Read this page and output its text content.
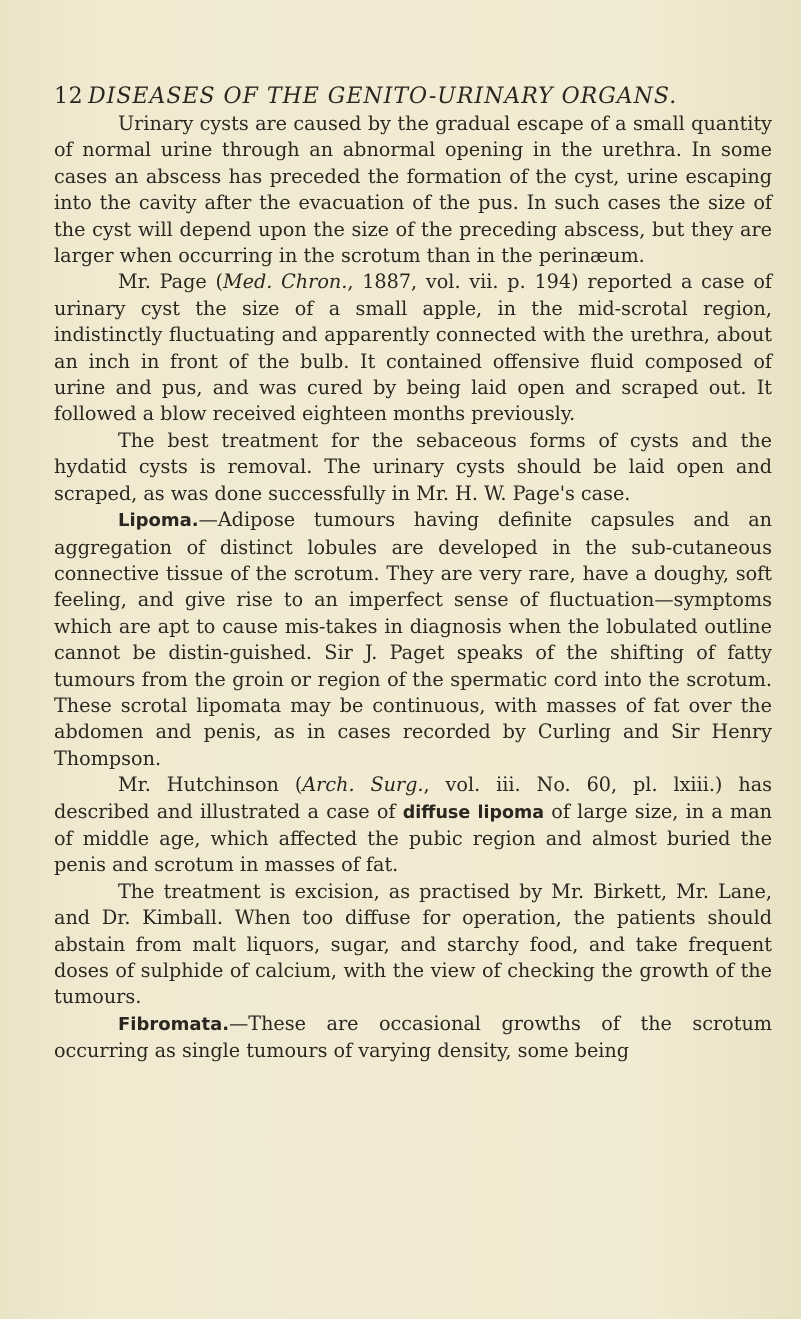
12 DISEASES OF THE GENITO-URINARY ORGANS.

Urinary cysts are caused by the gradual escape of a small quantity of normal urine through an abnormal opening in the urethra. In some cases an abscess has preceded the formation of the cyst, urine escaping into the cavity after the evacuation of the pus. In such cases the size of the cyst will depend upon the size of the preceding abscess, but they are larger when occurring in the scrotum than in the perinæum.

Mr. Page (Med. Chron., 1887, vol. vii. p. 194) reported a case of urinary cyst the size of a small apple, in the mid-scrotal region, indistinctly fluctuating and apparently connected with the urethra, about an inch in front of the bulb. It contained offensive fluid composed of urine and pus, and was cured by being laid open and scraped out. It followed a blow received eighteen months previously.

The best treatment for the sebaceous forms of cysts and the hydatid cysts is removal. The urinary cysts should be laid open and scraped, as was done successfully in Mr. H. W. Page's case.

Lipoma.—Adipose tumours having definite capsules and an aggregation of distinct lobules are developed in the sub-cutaneous connective tissue of the scrotum. They are very rare, have a doughy, soft feeling, and give rise to an imperfect sense of fluctuation—symptoms which are apt to cause mis-takes in diagnosis when the lobulated outline cannot be distin-guished. Sir J. Paget speaks of the shifting of fatty tumours from the groin or region of the spermatic cord into the scrotum. These scrotal lipomata may be continuous, with masses of fat over the abdomen and penis, as in cases recorded by Curling and Sir Henry Thompson.

Mr. Hutchinson (Arch. Surg., vol. iii. No. 60, pl. lxiii.) has described and illustrated a case of diffuse lipoma of large size, in a man of middle age, which affected the pubic region and almost buried the penis and scrotum in masses of fat.

The treatment is excision, as practised by Mr. Birkett, Mr. Lane, and Dr. Kimball. When too diffuse for operation, the patients should abstain from malt liquors, sugar, and starchy food, and take frequent doses of sulphide of calcium, with the view of checking the growth of the tumours.

Fibromata.—These are occasional growths of the scrotum occurring as single tumours of varying density, some being
